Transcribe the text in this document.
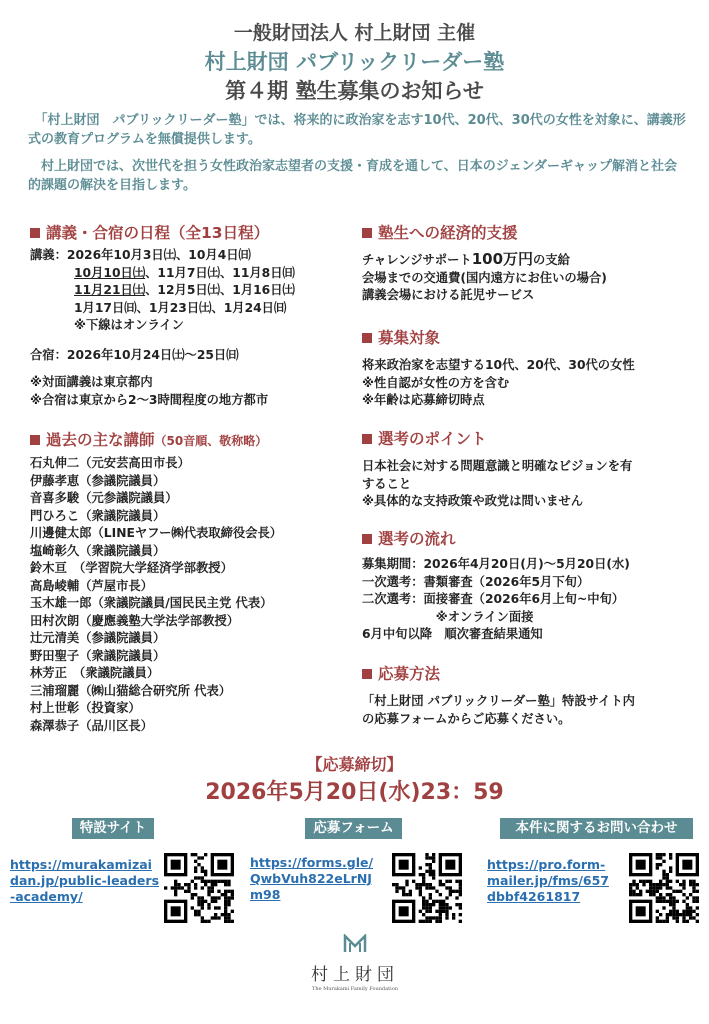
一般財団法人 村上財団 主催
村上財団 パブリックリーダー塾
第４期 塾生募集のお知らせ
　「村上財団　パブリックリーダー塾」では、将来的に政治家を志す10代、20代、30代の女性を対象に、講義形式の教育プログラムを無償提供します。
　村上財団では、次世代を担う女性政治家志望者の支援・育成を通して、日本のジェンダーギャップ解消と社会的課題の解決を目指します。
講義・合宿の日程（全13日程）
講義：2026年10月3日㈯、10月4日㈰
10月10日㈯、11月7日㈯、11月8日㈰
11月21日㈯、12月5日㈯、1月16日㈯
1月17日㈰、1月23日㈯、1月24日㈰
※下線はオンライン
合宿：2026年10月24日㈯～25日㈰
※対面講義は東京都内
※合宿は東京から2～3時間程度の地方都市
過去の主な講師（50音順、敬称略）
石丸伸二（元安芸高田市長）
伊藤孝恵（参議院議員）
音喜多駿（元参議院議員）
門ひろこ（衆議院議員）
川邊健太郎（LINEヤフー㈱代表取締役会長）
塩崎彰久（衆議院議員）
鈴木亘　（学習院大学経済学部教授）
高島崚輔（芦屋市長）
玉木雄一郎（衆議院議員/国民民主党 代表）
田村次朗（慶應義塾大学法学部教授）
辻元清美（参議院議員）
野田聖子（衆議院議員）
林芳正　（衆議院議員）
三浦瑠麗（㈱山猫総合研究所 代表）
村上世彰（投資家）
森澤恭子（品川区長）
塾生への経済的支援
チャレンジサポート100万円の支給
会場までの交通費(国内遠方にお住いの場合)
講義会場における託児サービス
募集対象
将来政治家を志望する10代、20代、30代の女性
※性自認が女性の方を含む
※年齢は応募締切時点
選考のポイント
日本社会に対する問題意識と明確なビジョンを有
すること
※具体的な支持政策や政党は問いません
選考の流れ
募集期間：2026年4月20日(月)～5月20日(水)
一次選考：書類審査（2026年5月下旬）
二次選考：面接審査（2026年6月上旬~中旬）
　　　　　　※オンライン面接
6月中旬以降　順次審査結果通知
応募方法
「村上財団 パブリックリーダー塾」特設サイト内
の応募フォームからご応募ください。
【応募締切】
2026年5月20日(水)23：59
特設サイト	応募フォーム	本件に関するお問い合わせ
https://murakamizaidan.jp/public-leaders-academy/
https://forms.gle/QwbVuh822eLrNJm98
https://pro.form-mailer.jp/fms/657dbbf4261817
村上財団
The Murakami Family Foundation
